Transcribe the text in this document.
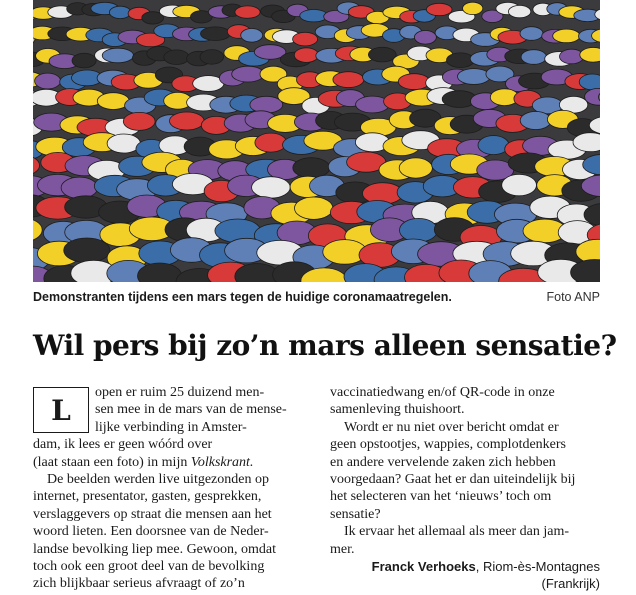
Demonstranten tijdens een mars tegen de huidige coronamaatregelen.	Foto ANP
Wil pers bij zo’n mars alleen sensatie?
L
open er ruim 25 duizend men-
sen mee in de mars van de mense-
lijke verbinding in Amster-
dam, ik lees er geen wóórd over
(laat staan een foto) in mijn Volkskrant.
De beelden werden live uitgezonden op
internet, presentator, gasten, gesprekken,
verslaggevers op straat die mensen aan het
woord lieten. Een doorsnee van de Neder-
landse bevolking liep mee. Gewoon, omdat
toch ook een groot deel van de bevolking
zich blijkbaar serieus afvraagt of zo’n
vaccinatiedwang en/of QR-code in onze
samenleving thuishoort.
Wordt er nu niet over bericht omdat er
geen opstootjes, wappies, complotdenkers
en andere vervelende zaken zich hebben
voorgedaan? Gaat het er dan uiteindelijk bij
het selecteren van het ‘nieuws’ toch om
sensatie?
Ik ervaar het allemaal als meer dan jam-
mer.
Franck Verhoeks, Riom-ès-Montagnes
(Frankrijk)
